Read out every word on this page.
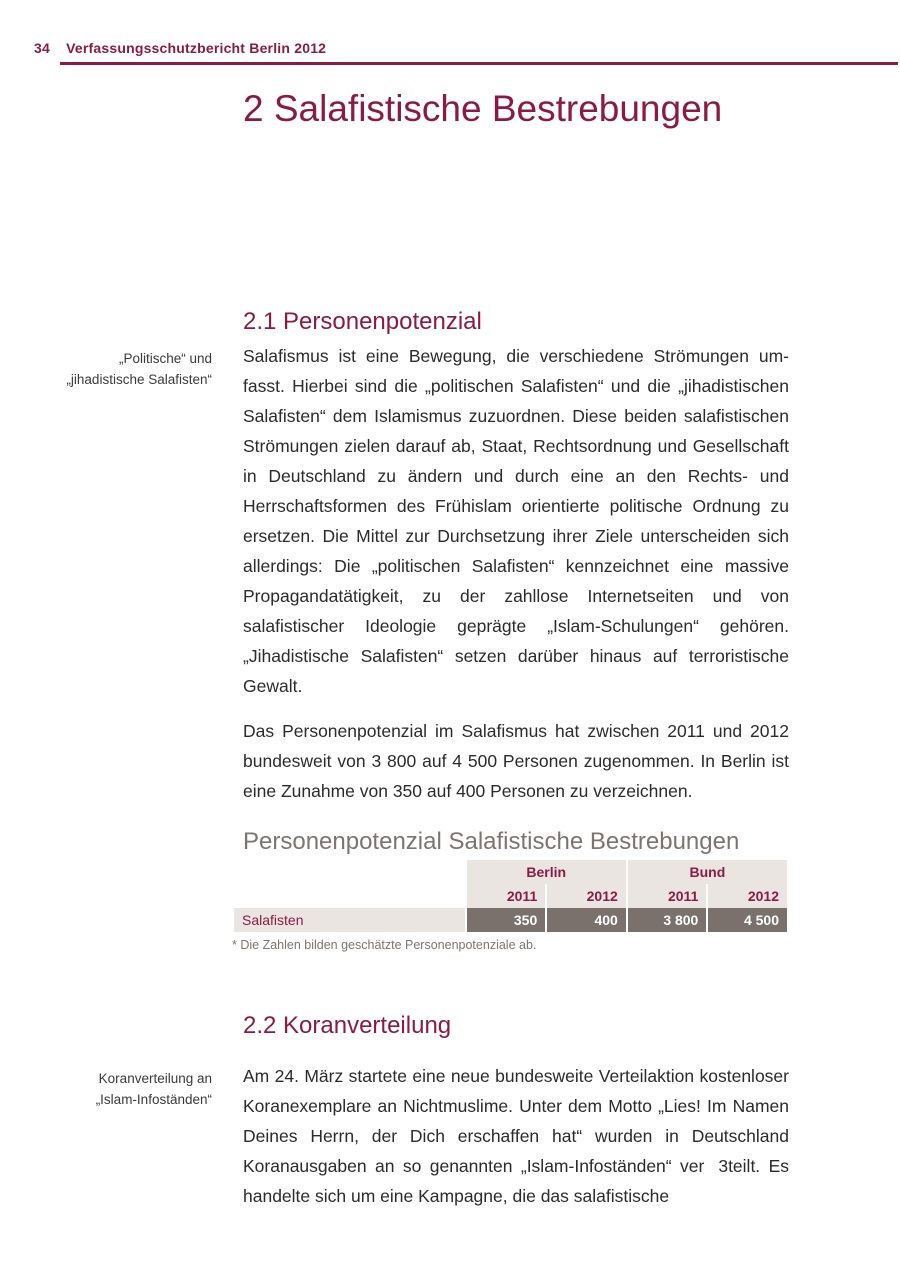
34 Verfassungsschutzbericht Berlin 2012
2 Salafistische Bestrebungen
2.1 Personenpotenzial
„Politische“ und
„jihadistische Salafisten“

Salafismus ist eine Bewegung, die verschiedene Strömungen umfasst. Hierbei sind die „politischen Salafisten“ und die „jihadistischen Salafisten“ dem Islamismus zuzuordnen. Diese beiden salafistischen Strömungen zielen darauf ab, Staat, Rechtsordnung und Gesellschaft in Deutschland zu ändern und durch eine an den Rechts- und Herrschaftsformen des Frühislam orientierte politische Ordnung zu ersetzen. Die Mittel zur Durchsetzung ihrer Ziele unterscheiden sich allerdings: Die „politischen Salafisten“ kennzeichnet eine massive Propagandatätigkeit, zu der zahllose Internetseiten und von salafistischer Ideologie geprägte „Islam-Schulungen“ gehören. „Jihadistische Salafisten“ setzen darüber hinaus auf terroristische Gewalt.

Das Personenpotenzial im Salafismus hat zwischen 2011 und 2012 bundesweit von 3 800 auf 4 500 Personen zugenommen. In Berlin ist eine Zunahme von 350 auf 400 Personen zu verzeichnen.

Personenpotenzial Salafistische Bestrebungen
	Berlin		Bund	
	2011	2012	2011	2012
Salafisten	350	400	3 800	4 500
* Die Zahlen bilden geschätzte Personenpotenziale ab.
2.2 Koranverteilung
Koranverteilung an
„Islam-Infoständen“

Am 24. März startete eine neue bundesweite Verteilaktion kostenloser Koranexemplare an Nichtmuslime. Unter dem Motto „Lies! Im Namen Deines Herrn, der Dich erschaffen hat“ wurden in Deutschland Koranausgaben an so genannten „Islam-Infoständen“ ver3teilt. Es handelte sich um eine Kampagne, die das salafistische
